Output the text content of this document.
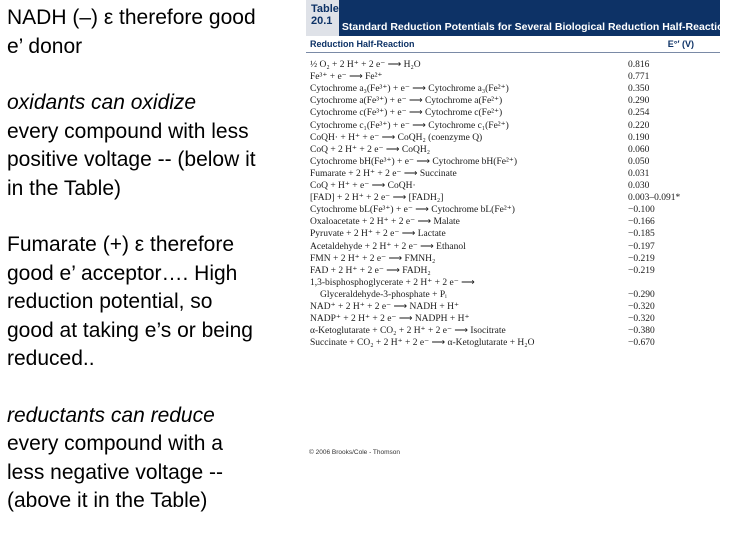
NADH (–) ε therefore good

e’ donor

oxidants can oxidize

every compound with less

positive voltage -- (below it

in the Table)

Fumarate (+) ε therefore

good e’ acceptor…. High

reduction potential, so

good at taking e’s or being

reduced..

reductants can reduce

every compound with a

less negative voltage --

(above it in the Table)

Table 20.1 Standard Reduction Potentials for Several Biological Reduction Half-Reactions
Reduction Half-Reaction	E°′ (V)
½ O₂ + 2 H⁺ + 2 e⁻ ⟶ H₂O	0.816
Fe³⁺ + e⁻ ⟶ Fe²⁺	0.771
Cytochrome a₃(Fe³⁺) + e⁻ ⟶ Cytochrome a₃(Fe²⁺)	0.350
Cytochrome a(Fe³⁺) + e⁻ ⟶ Cytochrome a(Fe²⁺)	0.290
Cytochrome c(Fe³⁺) + e⁻ ⟶ Cytochrome c(Fe²⁺)	0.254
Cytochrome c₁(Fe³⁺) + e⁻ ⟶ Cytochrome c₁(Fe²⁺)	0.220
CoQH· + H⁺ + e⁻ ⟶ CoQH₂ (coenzyme Q)	0.190
CoQ + 2 H⁺ + 2 e⁻ ⟶ CoQH₂	0.060
Cytochrome bH(Fe³⁺) + e⁻ ⟶ Cytochrome bH(Fe²⁺)	0.050
Fumarate + 2 H⁺ + 2 e⁻ ⟶ Succinate	0.031
CoQ + H⁺ + e⁻ ⟶ CoQH·	0.030
[FAD] + 2 H⁺ + 2 e⁻ ⟶ [FADH₂]	0.003–0.091*
Cytochrome bL(Fe³⁺) + e⁻ ⟶ Cytochrome bL(Fe²⁺)	−0.100
Oxaloacetate + 2 H⁺ + 2 e⁻ ⟶ Malate	−0.166
Pyruvate + 2 H⁺ + 2 e⁻ ⟶ Lactate	−0.185
Acetaldehyde + 2 H⁺ + 2 e⁻ ⟶ Ethanol	−0.197
FMN + 2 H⁺ + 2 e⁻ ⟶ FMNH₂	−0.219
FAD + 2 H⁺ + 2 e⁻ ⟶ FADH₂	−0.219
1,3-bisphosphoglycerate + 2 H⁺ + 2 e⁻ ⟶
Glyceraldehyde-3-phosphate + Pᵢ	−0.290
NAD⁺ + 2 H⁺ + 2 e⁻ ⟶ NADH + H⁺	−0.320
NADP⁺ + 2 H⁺ + 2 e⁻ ⟶ NADPH + H⁺	−0.320
α-Ketoglutarate + CO₂ + 2 H⁺ + 2 e⁻ ⟶ Isocitrate	−0.380
Succinate + CO₂ + 2 H⁺ + 2 e⁻ ⟶ α-Ketoglutarate + H₂O	−0.670
© 2006 Brooks/Cole - Thomson
